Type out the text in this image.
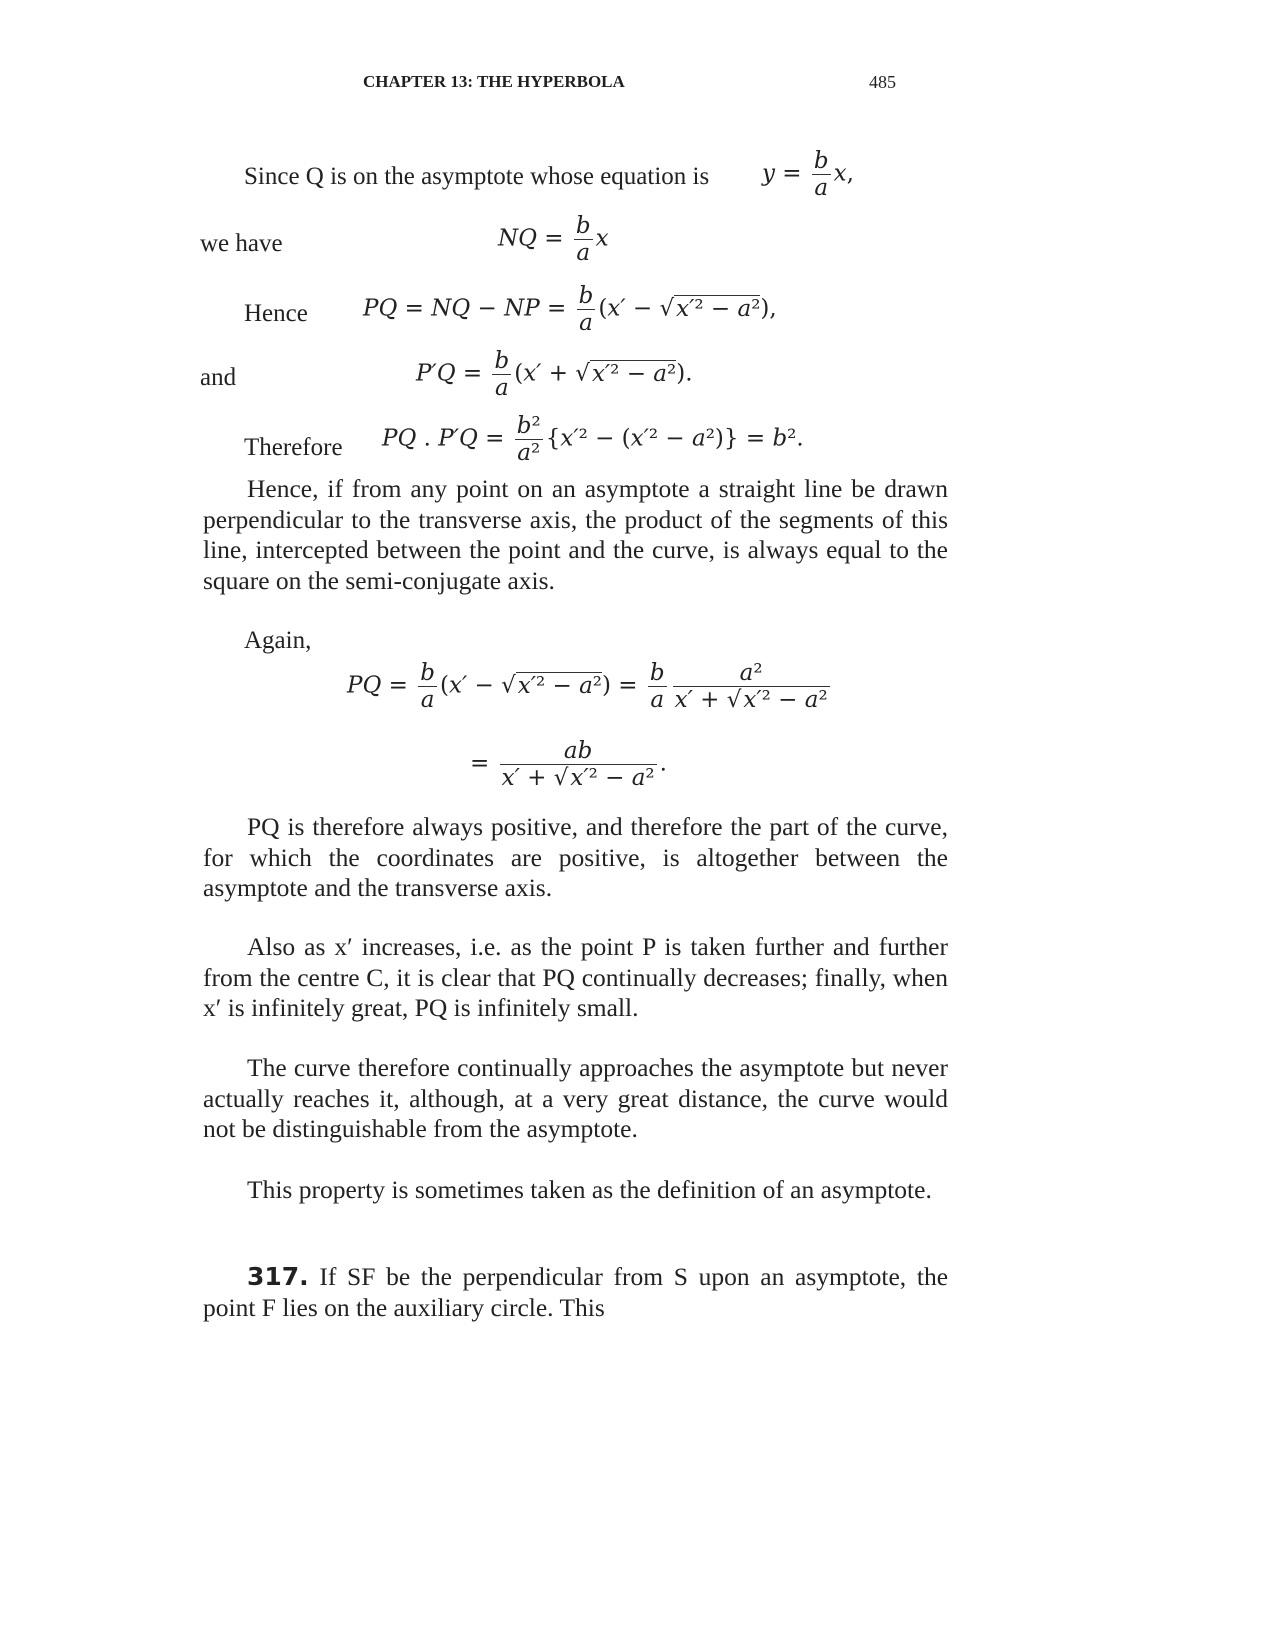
CHAPTER 13: THE HYPERBOLA	485
Since Q is on the asymptote whose equation is $y = \frac{b}{a} x$,
we have	NQ = $\frac{b}{a}$ x
Hence PQ = NQ − NP = $\frac{b}{a} (x' - √x'^2 - a^2)$,
and	$P'Q = \frac{b}{a} (x' + √x'^2 - a^2)$.
Therefore PQ . $P'Q = \frac{\text{b²}}{\text{a²}} \{x'^2 - (x'^2 - a^2)\} = b^2$.
Hence, if from any point on an asymptote a straight line be drawn perpendicular to the transverse axis, the product of the segments of this line, intercepted between the point and the curve, is always equal to the square on the semi-conjugate axis.
Again,
PQ = $\frac{b}{a} (x' - √x'^2 - a^2) = \frac{b}{a} \frac{\text{a²}}{\text{x′ + √x′² − a²}}$
= $\frac{ab}{\text{x′ + √x′² − a²}}$ .
PQ is therefore always positive, and therefore the part of the curve, for which the coordinates are positive, is altogether between the asymptote and the transverse axis.
Also as x′ increases, i.e. as the point P is taken further and further from the centre C, it is clear that PQ continually decreases; finally, when x′ is infinitely great, PQ is infinitely small.
The curve therefore continually approaches the asymptote but never actually reaches it, although, at a very great distance, the curve would not be distinguishable from the asymptote.
This property is sometimes taken as the definition of an asymptote.
317. If SF be the perpendicular from S upon an asymptote, the point F lies on the auxiliary circle. This
